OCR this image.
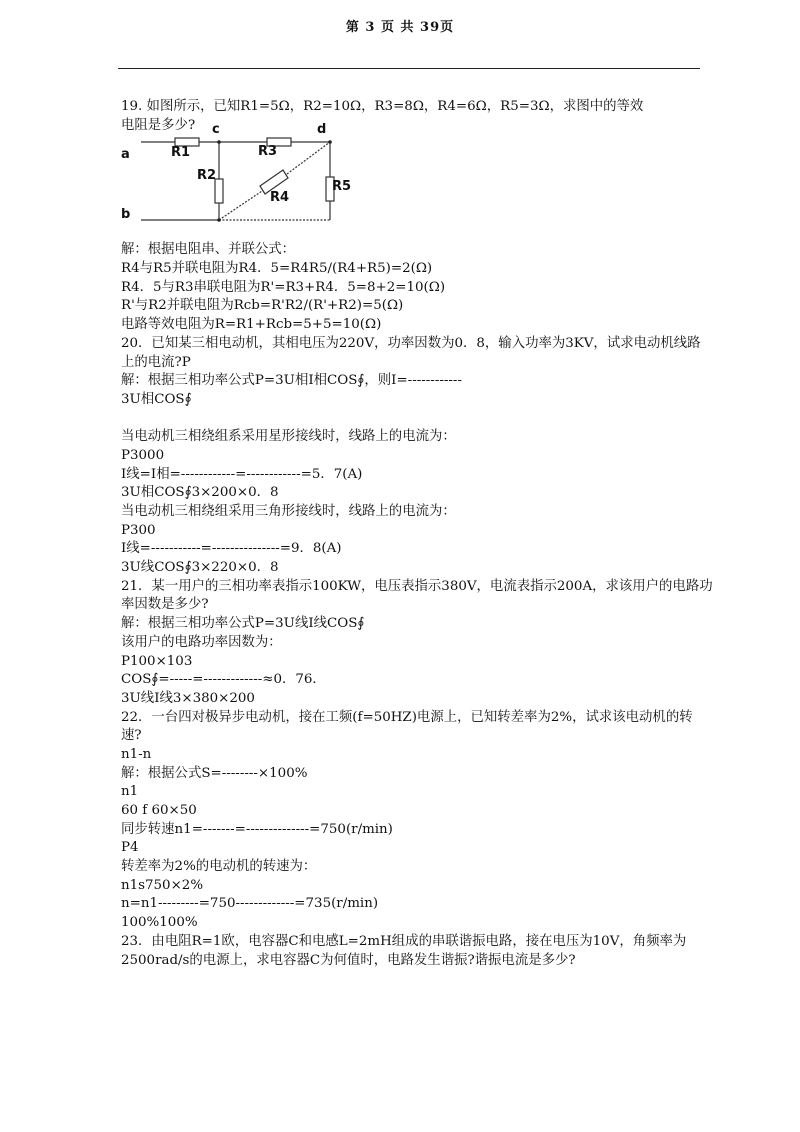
第 3 页 共 39页
19. 如图所示，已知R1=5Ω，R2=10Ω，R3=8Ω，R4=6Ω，R5=3Ω，求图中的等效
电阻是多少?
a
b
c	d
R1
R2
R3
R4
R5
解：根据电阻串、并联公式：
R4与R5并联电阻为R4．5=R4R5/(R4+R5)=2(Ω)
R4．5与R3串联电阻为R'=R3+R4．5=8+2=10(Ω)
R'与R2并联电阻为Rcb=R'R2/(R'+R2)=5(Ω)
电路等效电阻为R=R1+Rcb=5+5=10(Ω)
20．已知某三相电动机，其相电压为220V，功率因数为0．8，输入功率为3KV，试求电动机线路
上的电流?P
解：根据三相功率公式P=3U相I相COS∮，则I=------------
3U相COS∮
当电动机三相绕组系采用星形接线时，线路上的电流为：
P3000
I线=I相=------------=------------=5．7(A)
3U相COS∮3×200×0．8
当电动机三相绕组采用三角形接线时，线路上的电流为：
P300
I线=-----------=---------------=9．8(A)
3U线COS∮3×220×0．8
21．某一用户的三相功率表指示100KW，电压表指示380V，电流表指示200A，求该用户的电路功
率因数是多少?
解：根据三相功率公式P=3U线I线COS∮
该用户的电路功率因数为：
P100×103
COS∮=-----=-------------≈0．76．
3U线I线3×380×200
22．一台四对极异步电动机，接在工频(f=50HZ)电源上，已知转差率为2%，试求该电动机的转
速?
n1-n
解：根据公式S=--------×100%
n1
60 f 60×50
同步转速n1=-------=--------------=750(r/min)
P4
转差率为2%的电动机的转速为：
n1s750×2%
n=n1---------=750-------------=735(r/min)
100%100%
23．由电阻R=1欧，电容器C和电感L=2mH组成的串联谐振电路，接在电压为10V，角频率为
2500rad/s的电源上，求电容器C为何值时，电路发生谐振?谐振电流是多少?
